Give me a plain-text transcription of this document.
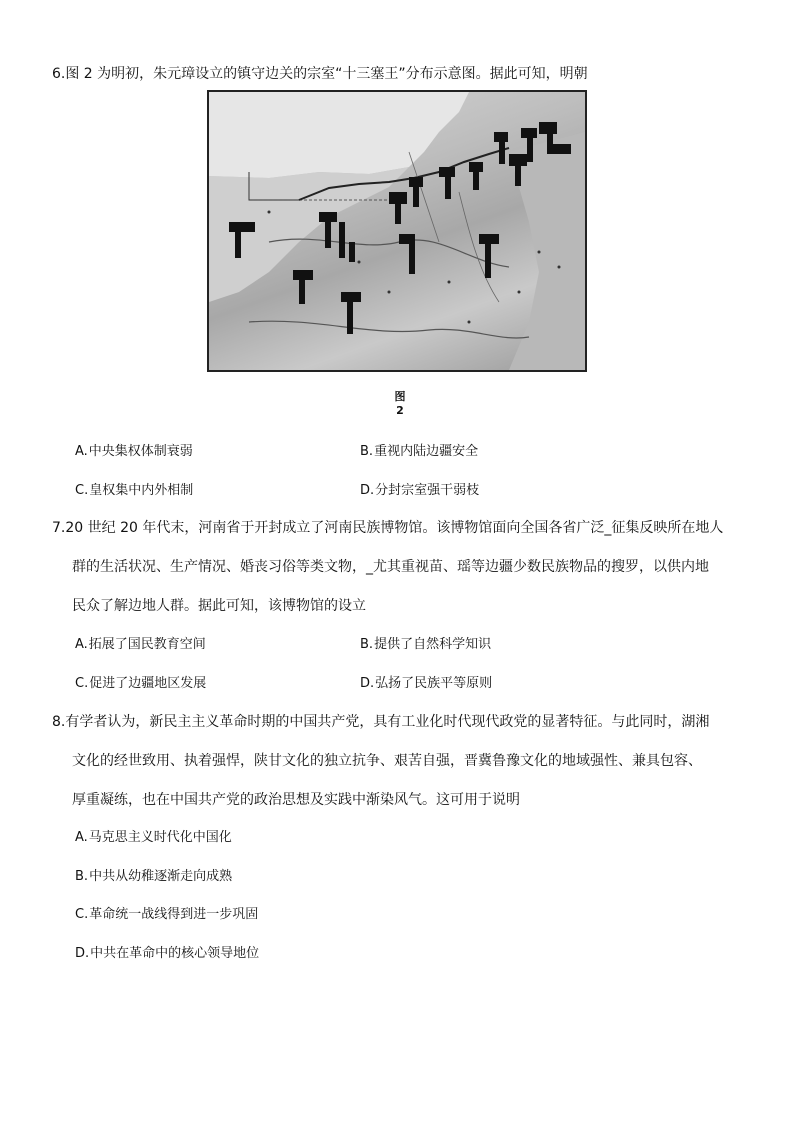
6.图 2 为明初，朱元璋设立的镇守边关的宗室“十三塞王”分布示意图。据此可知，明朝
图 2
A.中央集权体制衰弱	B.重视内陆边疆安全
C.皇权集中内外相制	D.分封宗室强干弱枝
7.20 世纪 20 年代末，河南省于开封成立了河南民族博物馆。该博物馆面向全国各省广泛_征集反映所在地人
群的生活状况、生产情况、婚丧习俗等类文物，_尤其重视苗、瑶等边疆少数民族物品的搜罗，以供内地
民众了解边地人群。据此可知，该博物馆的设立
A.拓展了国民教育空间	B.提供了自然科学知识
C.促进了边疆地区发展	D.弘扬了民族平等原则
8.有学者认为，新民主主义革命时期的中国共产党，具有工业化时代现代政党的显著特征。与此同时，湖湘
文化的经世致用、执着强悍，陕甘文化的独立抗争、艰苦自强，晋冀鲁豫文化的地域强性、兼具包容、
厚重凝练，也在中国共产党的政治思想及实践中渐染风气。这可用于说明
A.马克思主义时代化中国化
B.中共从幼稚逐渐走向成熟
C.革命统一战线得到进一步巩固
D.中共在革命中的核心领导地位
